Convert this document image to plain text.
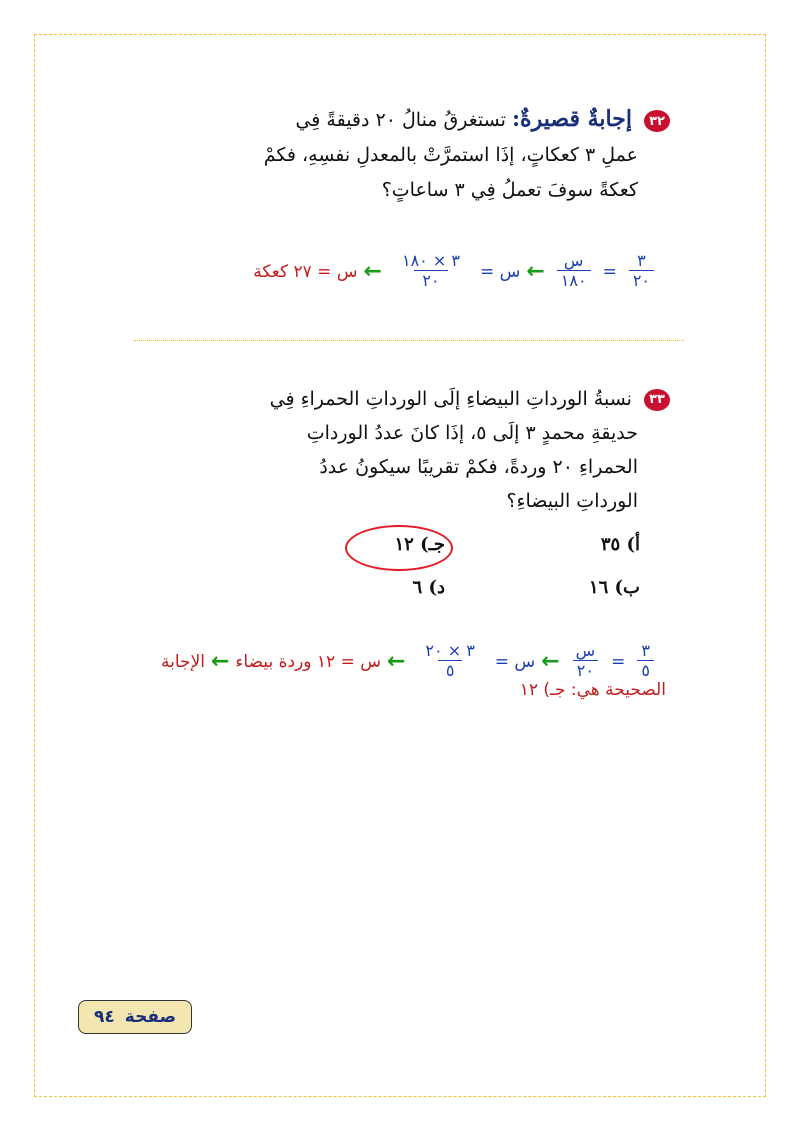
٣٢ إجابةٌ قصيرةٌ: تستغرقُ منالُ ٢٠ دقيقةً فِي
عملِ ٣ كعكاتٍ، إذَا استمرَّتْ بالمعدلِ نفسِهِ، فكمْ
كعكةً سوفَ تعملُ فِي ٣ ساعاتٍ؟
$\frac{٣}{٢٠}$
=
$\frac{\text{س}}{١٨٠}$
←
س =
$\frac{٣ \times ١٨٠}{٢٠}$
←
س = ٢٧ كعكة
٣٣ نسبةُ الورداتِ البيضاءِ إلَى الورداتِ الحمراءِ فِي
حديقةِ محمدٍ ٣ إلَى ٥، إذَا كانَ عددُ الورداتِ
الحمراءِ ٢٠ وردةً، فكمْ تقريبًا سيكونُ عددُ
الورداتِ البيضاءِ؟
أ) ٣٥
جـ) ١٢
ب) ١٦
د) ٦
$\frac{٣}{٥}$
=
$\frac{\text{س}}{٢٠}$
←
س =
$\frac{٣ \times ٢٠}{٥}$
←
س = ١٢ وردة بيضاء
←
الإجابة
الصحيحة هي: جـ) ١٢
صفحة
٩٤
